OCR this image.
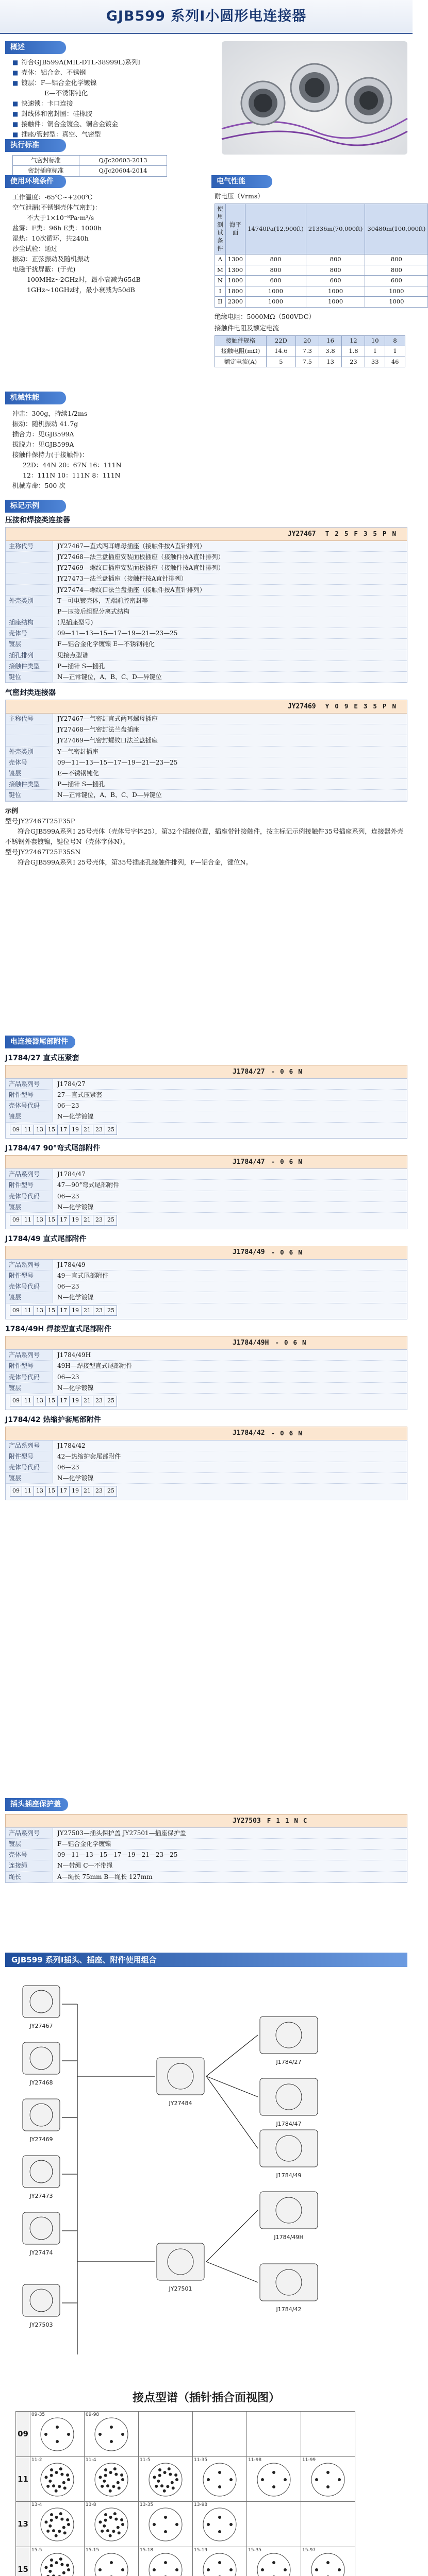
GJB599 系列Ⅰ小圆形电连接器
概述
■ 符合GJB599A(MIL-DTL-38999L)系列Ⅰ
■ 壳体：铝合金、不锈钢
■ 镀层：F—铝合金化学镀镍
E—不锈钢钝化
■ 快速锁：卡口连接
■ 封线体和密封圈：硅橡胶
■ 接触件：铜合金镀金、铜合金镀金
■ 插座/管封型：真空、气密型
执行标准
气密封标准	Q/Jc20603-2013
密封插座标准	Q/Jc20604-2014
使用环境条件
工作温度：-65℃~+200℃
空气泄漏(不锈钢壳体气密封)：
不大于1×10⁻⁸Pa·m³/s
盐雾：F类：96h E类：1000h
湿热：10次循环，共240h
沙尘试验：通过
振动：正弦振动及随机振动
电磁干扰屏蔽：(于壳)
100MHz~2GHz时，最小衰减为65dB
1GHz~10GHz时，最小衰减为50dB
电气性能
耐电压（Vrms）
使用测试条件	海平面	14740Pa(12,900ft)	21336m(70,000ft)	30480m(100,000ft)
A	1300	800	800	800
M	1300	800	800	800
N	1000	600	600	600
I	1800	1000	1000	1000
II	2300	1000	1000	1000
绝缘电阻：5000MΩ（500VDC）
接触件电阻及额定电流
接触件规格	22D	20	16	12	10	8
接触电阻(mΩ)	14.6	7.3	3.8	1.8	1	1
额定电流(A)	5	7.5	13	23	33	46
机械性能
冲击：300g，持续1/2ms
振动：随机振动 41.7g
插合力：见GJB599A
拔脱力：见GJB599A
接触件保持力(于接触件)：
22D：44N 20：67N 16：111N
12：111N 10：111N 8：111N
机械寿命：500 次
标记示例
压接和焊接类连接器
JY27467 T25F35PN
主称代号	JY27467—直式两耳螺母插座（接触件按A直针排列）
JY27468—法兰盘插座安装面板插座（接触件按A直针排列）
JY27469—螺纹口插座安装面板插座（接触件按A直针排列）
JY27473—法兰盘插座（接触件按A直针排列）
JY27474—螺纹口法兰盘插座（接触件按A直针排列）
外壳类别	T—可电镀壳体，无端前腔密封等
P—压接后组配分离式结构
插座结构	(见插座型号)
壳体号	09—11—13—15—17—19—21—23—25
镀层	F—铝合金化学镀镍 E—不锈钢钝化
插孔排列	见接点型谱
接触件类型	P—插针 S—插孔
键位	N—正常键位，A、B、C、D—异键位
气密封类连接器
JY27469 Y09E35PN
主称代号	JY27467—气密封直式两耳螺母插座
JY27468—气密封法兰盘插座
JY27469—气密封螺纹口法兰盘插座
外壳类别	Y—气密封插座
壳体号	09—11—13—15—17—19—21—23—25
镀层	E—不锈钢钝化
接触件类型	P—插针 S—插孔
键位	N—正常键位，A、B、C、D—异键位
示例
型号JY27467T25F35P
符合GJB599A系列Ⅰ 25号壳体（壳体号字体25），第32个插接位置，插座带针接触件，按主标记示例接触件35号插座系列，连接器外壳不锈钢外套镀镍，键位号N（壳体字体N）。
型号JY27467T25F35SN
符合GJB599A系列Ⅰ 25号壳体，第35号插座孔接触件排列，F—铝合金，键位N。
电连接器尾部附件
J1784/27 直式压紧套
J1784/27 -06N
产品系列号	J1784/27
附件型号	27—直式压紧套
壳体号代码	06—23
镀层	N—化学镀镍
09	11	13	15	17	19	21	23	25
J1784/47 90°弯式尾部附件
J1784/47 -06N
产品系列号	J1784/47
附件型号	47—90°弯式尾部附件
壳体号代码	06—23
镀层	N—化学镀镍
09	11	13	15	17	19	21	23	25
J1784/49 直式尾部附件
J1784/49 -06N
产品系列号	J1784/49
附件型号	49—直式尾部附件
壳体号代码	06—23
镀层	N—化学镀镍
09	11	13	15	17	19	21	23	25
1784/49H 焊接型直式尾部附件
J1784/49H -06N
产品系列号	J1784/49H
附件型号	49H—焊接型直式尾部附件
壳体号代码	06—23
镀层	N—化学镀镍
09	11	13	15	17	19	21	23	25
J1784/42 热缩护套尾部附件
J1784/42 -06N
产品系列号	J1784/42
附件型号	42—热缩护套尾部附件
壳体号代码	06—23
镀层	N—化学镀镍
09	11	13	15	17	19	21	23	25
插头插座保护盖
JY27503 F11NC
产品系列号	JY27503—插头保护盖 JY27501—插座保护盖
镀层	F—铝合金化学镀镍
壳体号	09—11—13—15—17—19—21—23—25
连接绳	N—带绳 C—不带绳
绳长	A—绳长 75mm B—绳长 127mm
GJB599 系列Ⅰ插头、插座、附件使用组合
JY27467
JY27468
JY27469
JY27473
JY27474
JY27503
JY27484
JY27501
J1784/27
J1784/47
J1784/49
J1784/49H
J1784/42
接点型谱（插针插合面视图）
09	09-35	09-98				

11	11-2	11-4	11-5	11-35	11-98	11-99

13	13-4	13-8	13-35	13-98		

15	15-5	15-15	15-18	15-19	15-35	15-97
